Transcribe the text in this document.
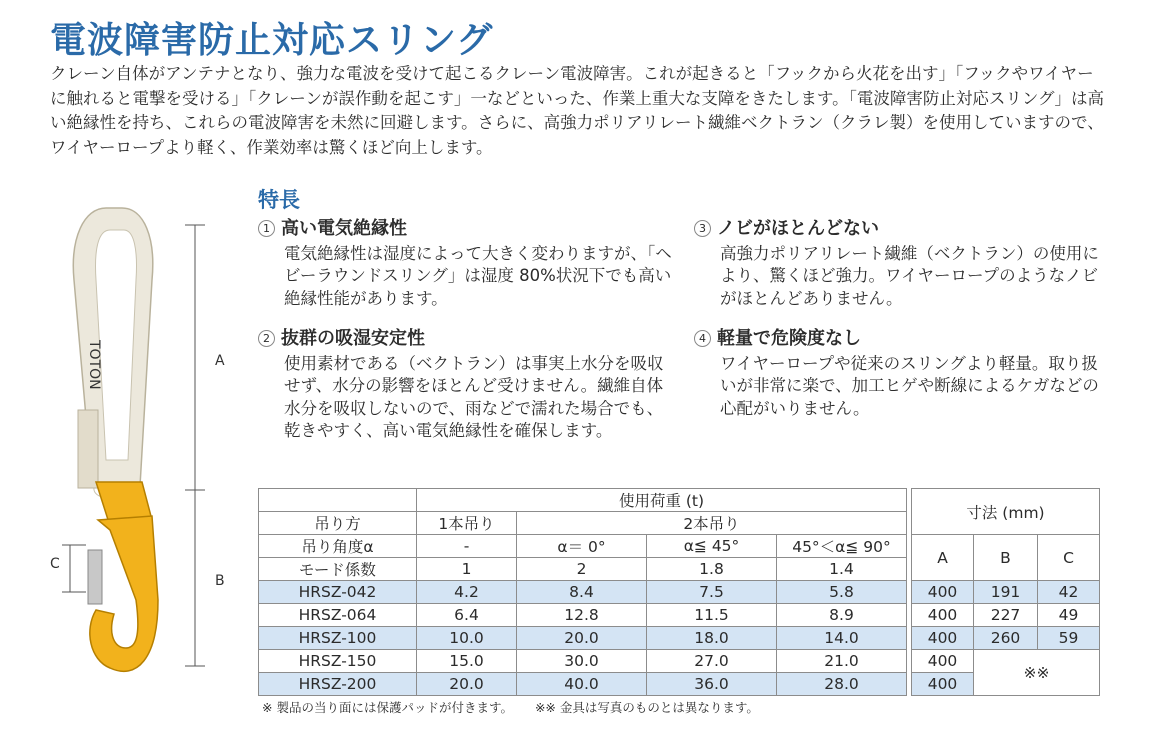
電波障害防止対応スリング

クレーン自体がアンテナとなり、強力な電波を受けて起こるクレーン電波障害。これが起きると「フックから火花を出す」「フックやワイヤーに触れると電撃を受ける」「クレーンが誤作動を起こす」一などといった、作業上重大な支障をきたします。「電波障害防止対応スリング」は高い絶縁性を持ち、これらの電波障害を未然に回避します。さらに、高強力ポリアリレート繊維ベクトラン（クラレ製）を使用していますので、ワイヤーロープより軽く、作業効率は驚くほど向上します。

TOTON	A
B
C
特長
1 高い電気絶縁性

電気絶縁性は湿度によって大きく変わりますが、「ヘビーラウンドスリング」は湿度 80%状況下でも高い絶縁性能があります。

2 抜群の吸湿安定性

使用素材である（ベクトラン）は事実上水分を吸収せず、水分の影響をほとんど受けません。繊維自体水分を吸収しないので、雨などで濡れた場合でも、乾きやすく、高い電気絶縁性を確保します。

3 ノビがほとんどない

高強力ポリアリレート繊維（ベクトラン）の使用により、驚くほど強力。ワイヤーロープのようなノビがほとんどありません。

4 軽量で危険度なし

ワイヤーロープや従来のスリングより軽量。取り扱いが非常に楽で、加工ヒゲや断線によるケガなどの心配がいりません。

	使用荷重 (t)					寸法 (mm)		
吊り方	1本吊り	2本吊り						
吊り角度α	-	α＝ 0°	α≦ 45°	45°＜α≦ 90°		A	B	C
モード係数	1	2	1.8	1.4				
HRSZ-042	4.2	8.4	7.5	5.8		400	191	42
HRSZ-064	6.4	12.8	11.5	8.9		400	227	49
HRSZ-100	10.0	20.0	18.0	14.0		400	260	59
HRSZ-150	15.0	30.0	27.0	21.0		400	※※	
HRSZ-200	20.0	40.0	36.0	28.0		400		
※ 製品の当り面には保護パッドが付きます。 ※※ 金具は写真のものとは異なります。
